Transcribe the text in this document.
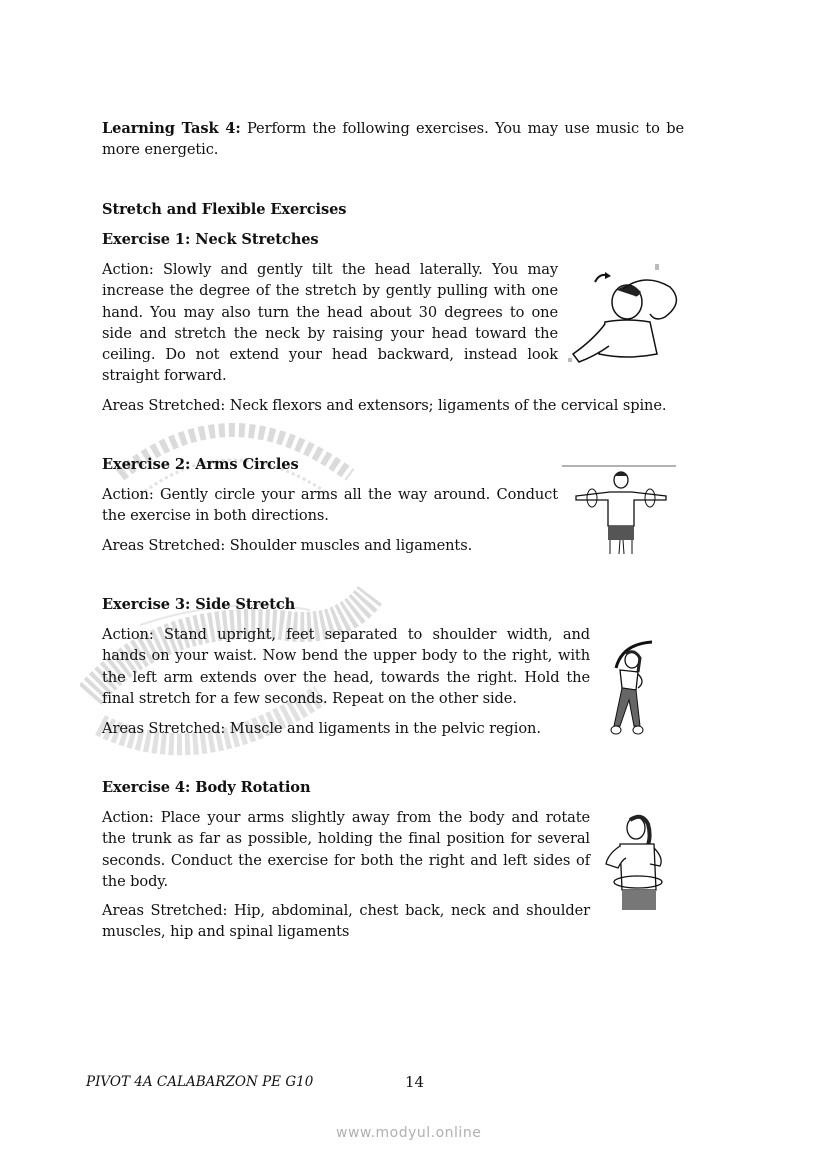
Learning Task 4: Perform the following exercises. You may use music to be more energetic.
Stretch and Flexible Exercises
Exercise 1: Neck Stretches
Action: Slowly and gently tilt the head laterally. You may increase the degree of the stretch by gently pulling with one hand. You may also turn the head about 30 degrees to one side and stretch the neck by raising your head toward the ceiling. Do not extend your head backward, instead look straight forward.
Areas Stretched: Neck flexors and extensors; ligaments of the cervical spine.
Exercise 2: Arms Circles
Action: Gently circle your arms all the way around. Conduct the exercise in both directions.
Areas Stretched: Shoulder muscles and ligaments.
Exercise 3: Side Stretch
Action: Stand upright, feet separated to shoulder width, and hands on your waist. Now bend the upper body to the right, with the left arm extends over the head, towards the right. Hold the final stretch for a few seconds. Repeat on the other side.
Areas Stretched: Muscle and ligaments in the pelvic region.
Exercise 4: Body Rotation
Action: Place your arms slightly away from the body and rotate the trunk as far as possible, holding the final position for several seconds. Conduct the exercise for both the right and left sides of the body.
Areas Stretched: Hip, abdominal, chest back, neck and shoulder muscles, hip and spinal ligaments
PIVOT 4A CALABARZON PE G10	14
www.modyul.online
